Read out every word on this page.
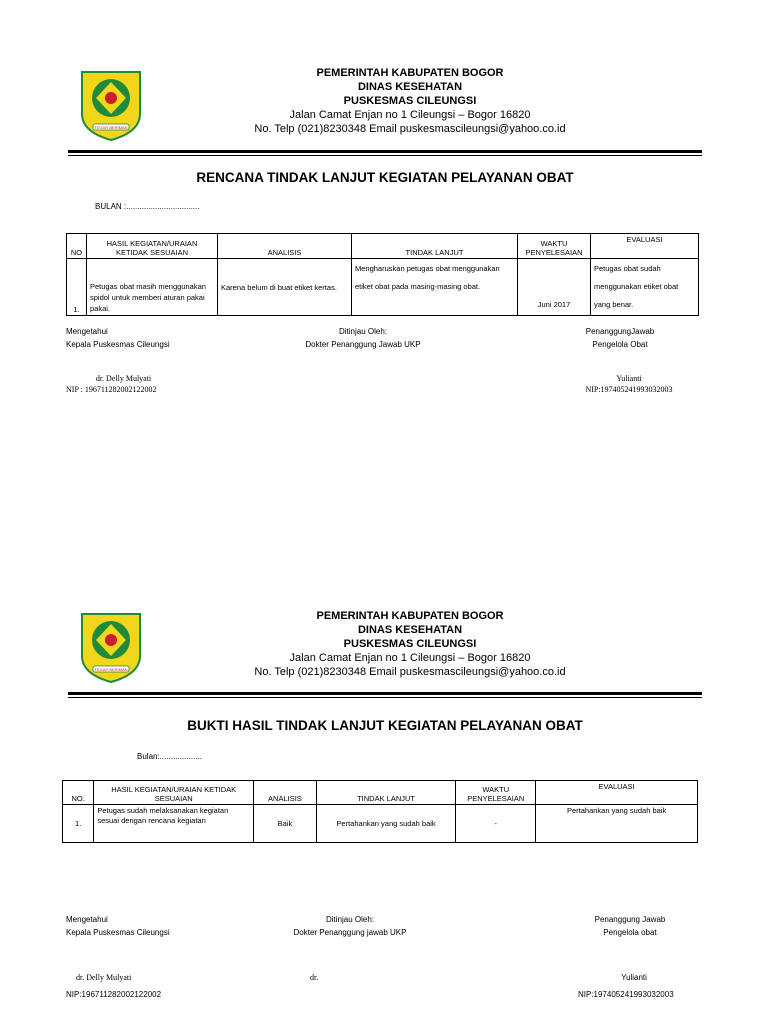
TEGAR BERIMAN
PEMERINTAH KABUPATEN BOGOR
DINAS KESEHATAN
PUSKESMAS CILEUNGSI
Jalan Camat Enjan no 1 Cileungsi – Bogor 16820
No. Telp (021)8230348 Email puskesmascileungsi@yahoo.co.id
RENCANA TINDAK LANJUT KEGIATAN PELAYANAN OBAT
BULAN :.................................
NO	HASIL KEGIATAN/URAIAN KETIDAK SESUAIAN	ANALISIS	TINDAK LANJUT	WAKTU PENYELESAIAN	EVALUASI
1.	Petugas obat masih menggunakan spidol untuk memberi aturan pakai pakai.	Karena belum di buat etiket kertas.	Mengharuskan petugas obat menggunakan etiket obat pada masing-masing obat.	Juni 2017	Petugas obat sudah menggunakan etiket obat yang benar.
Mengetahui
Kepala Puskesmas Cileungsi
Ditinjau Oleh:
Dokter Penanggung Jawab UKP
PenanggungJawab
Pengelola Obat
dr. Delly Mulyati
NIP : 196711282002122002
Yulianti
NIP:197405241993032003
TEGAR BERIMAN
PEMERINTAH KABUPATEN BOGOR
DINAS KESEHATAN
PUSKESMAS CILEUNGSI
Jalan Camat Enjan no 1 Cileungsi – Bogor 16820
No. Telp (021)8230348 Email puskesmascileungsi@yahoo.co.id
BUKTI HASIL TINDAK LANJUT KEGIATAN PELAYANAN OBAT
Bulan:...................
NO.	HASIL KEGIATAN/URAIAN KETIDAK SESUAIAN	ANALISIS	TINDAK LANJUT	WAKTU PENYELESAIAN	EVALUASI
1.	Petugas sudah melaksanakan kegiatan sesuai dengan rencana kegiatan	Baik	Pertahankan yang sudah baik	-	Pertahankan yang sudah baik
Mengetahui
Kepala Puskesmas Cileungsi
Ditinjau Oleh:
Dokter Penanggung jawab UKP
Penanggung Jawab
Pengelola obat
dr. Delly Mulyati	dr.	Yulianti
NIP:196711282002122002	NIP:197405241993032003
